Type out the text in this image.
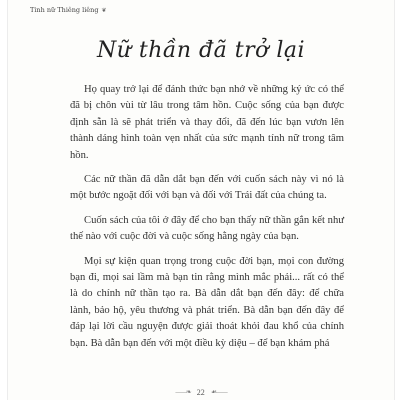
Tinh nữ Thiêng liêng ❦
Nữ thần đã trở lại

Họ quay trở lại để đánh thức bạn nhớ về những ký ức có thể đã bị chôn vùi từ lâu trong tâm hồn. Cuộc sống của bạn được định sẵn là sẽ phát triển và thay đổi, đã đến lúc bạn vươn lên thành dáng hình toàn vẹn nhất của sức mạnh tính nữ trong tâm hồn.

Các nữ thần đã dẫn dắt bạn đến với cuốn sách này vì nó là một bước ngoặt đối với bạn và đối với Trái đất của chúng ta.

Cuốn sách của tôi ở đây để cho bạn thấy nữ thần gắn kết như thế nào với cuộc đời và cuộc sống hằng ngày của bạn.

Mọi sự kiện quan trọng trong cuộc đời bạn, mọi con đường bạn đi, mọi sai lầm mà bạn tin rằng mình mắc phải... rất có thể là do chính nữ thần tạo ra. Bà dẫn dắt bạn đến đây: để chữa lành, bảo hộ, yêu thương và phát triển. Bà dẫn bạn đến đây để đáp lại lời cầu nguyện được giải thoát khỏi đau khổ của chính bạn. Bà dẫn bạn đến với một điều kỳ diệu – để bạn khám phá

⸺❧ 22 ☙⸺
